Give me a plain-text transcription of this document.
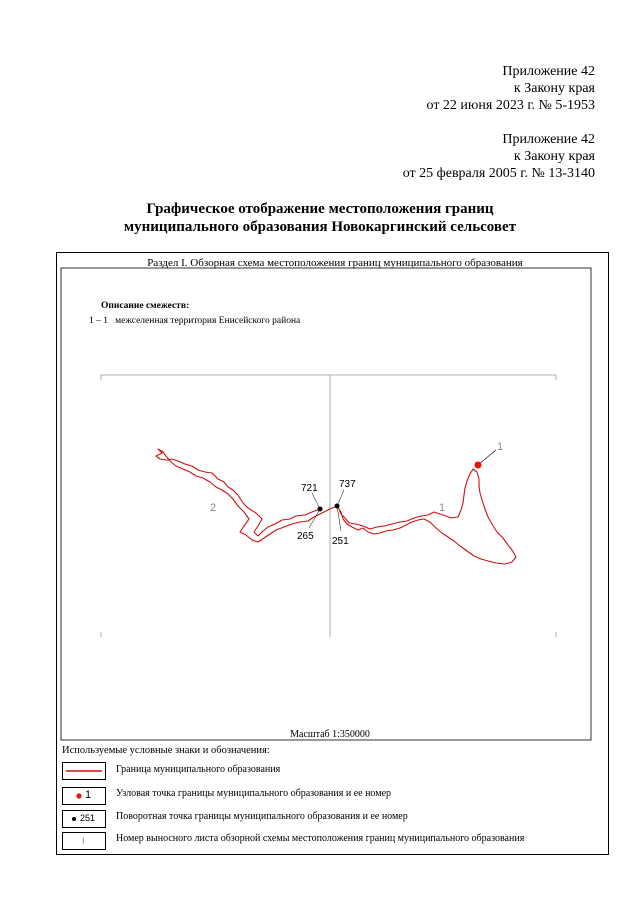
Приложение 42
к Закону края
от 22 июня 2023 г. № 5-1953
Приложение 42
к Закону края
от 25 февраля 2005 г. № 13-3140
Графическое отображение местоположения границ
муниципального образования Новокаргинский сельсовет
Раздел I. Обзорная схема местоположения границ муниципального образования
Описание смежеств:
1 – 1   межселенная территория Енисейского района
1
2
1
721 737
265 251
Масштаб 1:350000
Используемые условные знаки и обозначения:
Граница муниципального образования
1 Узловая точка границы муниципального образования и ее номер
251 Поворотная точка границы муниципального образования и ее номер
I	Номер выносного листа обзорной схемы местоположения границ муниципального образования
